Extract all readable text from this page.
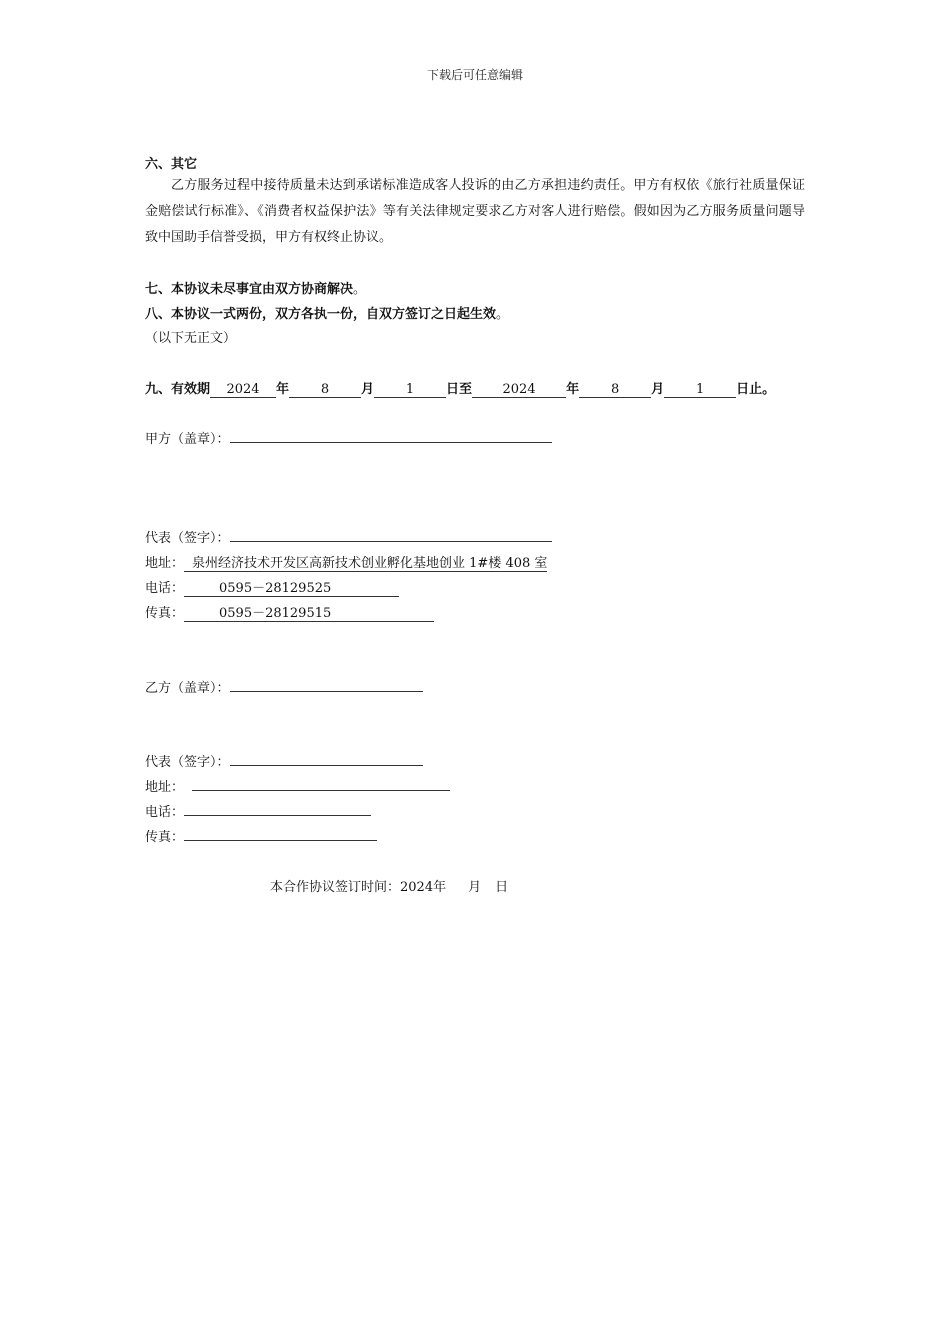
下载后可任意编辑
六、其它
乙方服务过程中接待质量未达到承诺标准造成客人投诉的由乙方承担违约责任。甲方有权依《旅行社质量保证金赔偿试行标准》、《消费者权益保护法》等有关法律规定要求乙方对客人进行赔偿。假如因为乙方服务质量问题导致中国助手信誉受损，甲方有权终止协议。
七、本协议未尽事宜由双方协商解决。
八、本协议一式两份，双方各执一份，自双方签订之日起生效。
（以下无正文）
九、有效期 2024 年 8 月 1 日至 2024 年 8 月 1 日止。
甲方（盖章）：
代表（签字）：
地址： 泉州经济技术开发区高新技术创业孵化基地创业 1#楼 408 室
电话：	0595－28129525
传真：	0595－28129515
乙方（盖章）：
代表（签字）：
地址：
电话：
传真：
本合作协议签订时间：2024年 月 日
